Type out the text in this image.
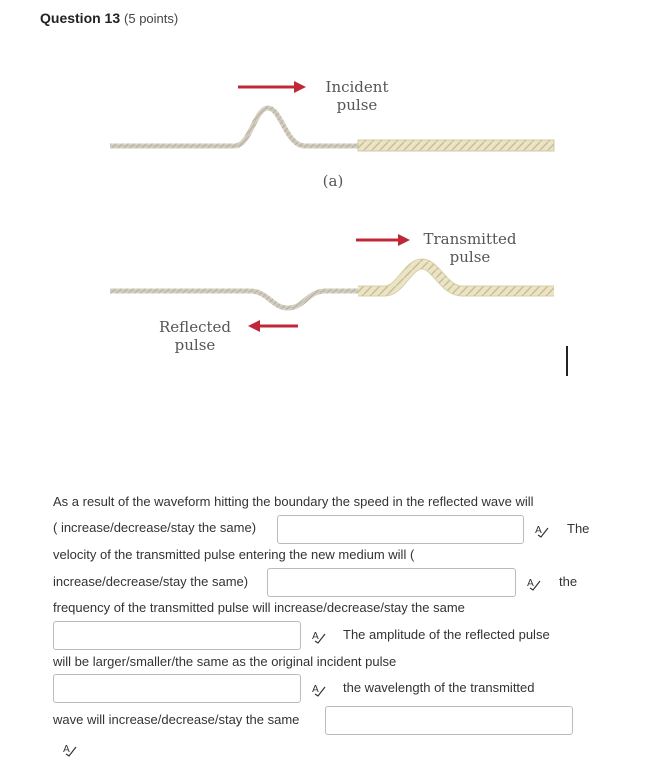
Question 13 (5 points)
Incident
pulse
(a)
Transmitted
pulse
Reflected
pulse
As a result of the waveform hitting the boundary the speed in the reflected wave will
( increase/decrease/stay the same)	A The
velocity of the transmitted pulse entering the new medium will (
increase/decrease/stay the same)	A the
frequency of the transmitted pulse will increase/decrease/stay the same
A The amplitude of the reflected pulse
will be larger/smaller/the same as the original incident pulse
A the wavelength of the transmitted
wave will increase/decrease/stay the same
A
